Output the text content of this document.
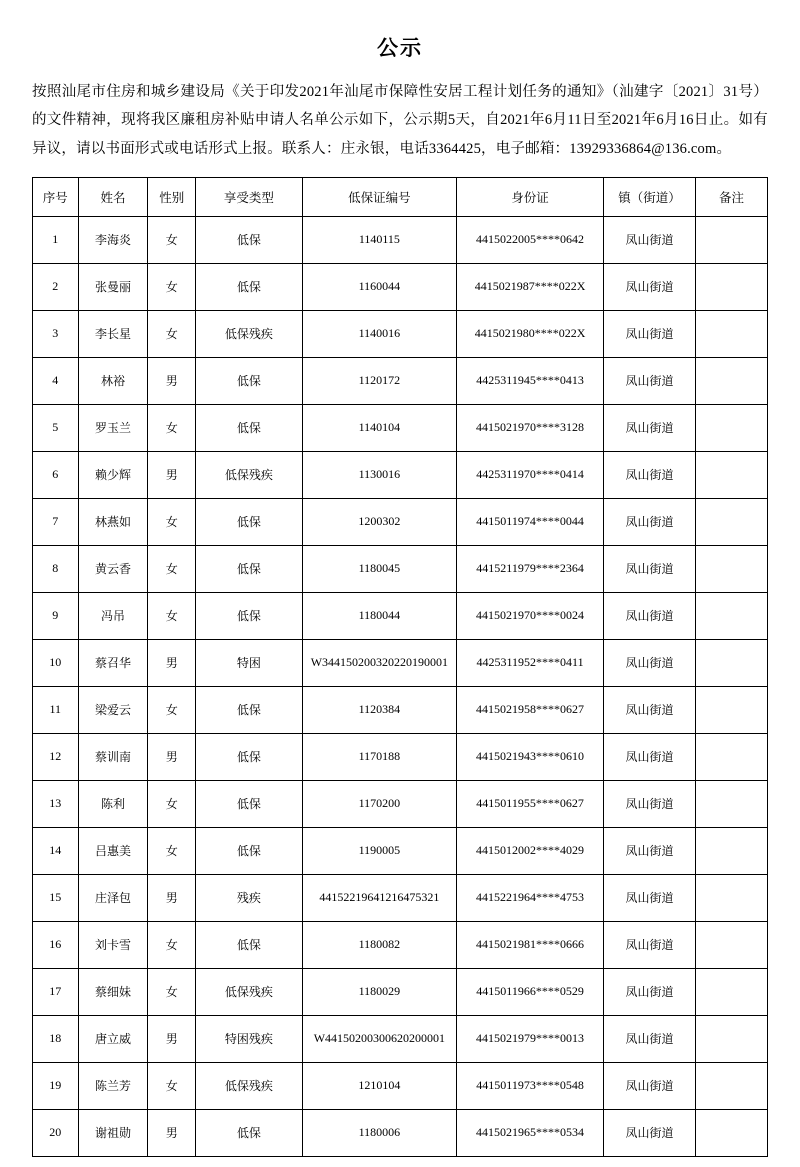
公示
按照汕尾市住房和城乡建设局《关于印发2021年汕尾市保障性安居工程计划任务的通知》（汕建字〔2021〕31号）的文件精神，现将我区廉租房补贴申请人名单公示如下，公示期5天，自2021年6月11日至2021年6月16日止。如有异议，请以书面形式或电话形式上报。联系人：庄永银，电话3364425，电子邮箱：13929336864@136.com。
序号	姓名	性别	享受类型	低保证编号	身份证	镇（街道）	备注
1	李海炎	女	低保	1140115	4415022005****0642	凤山街道	
2	张曼丽	女	低保	1160044	4415021987****022X	凤山街道	
3	李长星	女	低保残疾	1140016	4415021980****022X	凤山街道	
4	林裕	男	低保	1120172	4425311945****0413	凤山街道	
5	罗玉兰	女	低保	1140104	4415021970****3128	凤山街道	
6	赖少辉	男	低保残疾	1130016	4425311970****0414	凤山街道	
7	林燕如	女	低保	1200302	4415011974****0044	凤山街道	
8	黄云香	女	低保	1180045	4415211979****2364	凤山街道	
9	冯吊	女	低保	1180044	4415021970****0024	凤山街道	
10	蔡召华	男	特困	W344150200320220190001	4425311952****0411	凤山街道	
11	梁爱云	女	低保	1120384	4415021958****0627	凤山街道	
12	蔡训南	男	低保	1170188	4415021943****0610	凤山街道	
13	陈利	女	低保	1170200	4415011955****0627	凤山街道	
14	吕惠美	女	低保	1190005	4415012002****4029	凤山街道	
15	庄泽包	男	残疾	44152219641216475321	4415221964****4753	凤山街道	
16	刘卡雪	女	低保	1180082	4415021981****0666	凤山街道	
17	蔡细妹	女	低保残疾	1180029	4415011966****0529	凤山街道	
18	唐立威	男	特困残疾	W44150200300620200001	4415021979****0013	凤山街道	
19	陈兰芳	女	低保残疾	1210104	4415011973****0548	凤山街道	
20	谢祖勋	男	低保	1180006	4415021965****0534	凤山街道	
